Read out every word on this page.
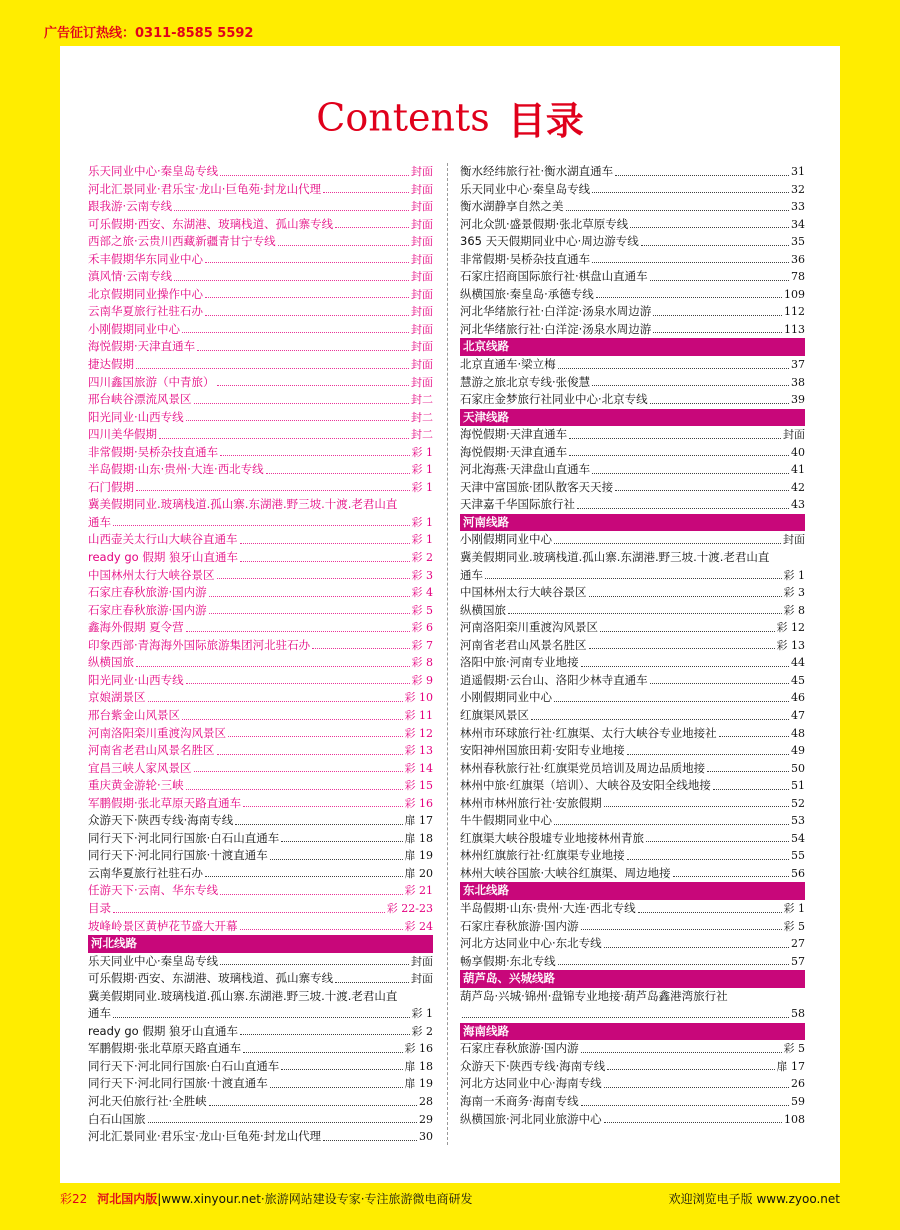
广告征订热线：0311-8585 5592
Contents 目录
乐天同业中心·秦皇岛专线	封面
河北汇景同业·君乐宝·龙山·巨龟苑·封龙山代理	封面
跟我游·云南专线	封面
可乐假期·西安、东湖港、玻璃栈道、孤山寨专线	封面
西部之旅·云贵川西藏新疆青甘宁专线	封面
禾丰假期华东同业中心	封面
滇风情·云南专线	封面
北京假期同业操作中心	封面
云南华夏旅行社驻石办	封面
小刚假期同业中心	封面
海悦假期·天津直通车	封面
捷达假期	封面
四川鑫国旅游（中青旅）	封面
邢台峡谷漂流风景区	封二
阳光同业·山西专线	封二
四川美华假期	封二
非常假期·吴桥杂技直通车	彩 1
半岛假期·山东·贵州·大连·西北专线	彩 1
石门假期	彩 1
冀美假期同业.玻璃栈道.孤山寨.东湖港.野三坡.十渡.老君山直
通车	彩 1
山西壶关太行山大峡谷直通车	彩 1
ready go 假期 狼牙山直通车	彩 2
中国林州太行大峡谷景区	彩 3
石家庄春秋旅游·国内游	彩 4
石家庄春秋旅游·国内游	彩 5
鑫海外假期 夏令营	彩 6
印象西部·青海海外国际旅游集团河北驻石办	彩 7
纵横国旅	彩 8
阳光同业·山西专线	彩 9
京娘湖景区	彩 10
邢台紫金山风景区	彩 11
河南洛阳栾川重渡沟风景区	彩 12
河南省老君山风景名胜区	彩 13
宜昌三峡人家风景区	彩 14
重庆黄金游轮·三峡	彩 15
军鹏假期·张北草原天路直通车	彩 16
众游天下·陕西专线·海南专线	扉 17
同行天下·河北同行国旅·白石山直通车	扉 18
同行天下·河北同行国旅·十渡直通车	扉 19
云南华夏旅行社驻石办	扉 20
任游天下·云南、华东专线	彩 21
目录	彩 22-23
坡峰岭景区黄栌花节盛大开幕	彩 24
河北线路
乐天同业中心·秦皇岛专线	封面
可乐假期·西安、东湖港、玻璃栈道、孤山寨专线	封面
冀美假期同业.玻璃栈道.孤山寨.东湖港.野三坡.十渡.老君山直
通车	彩 1
ready go 假期 狼牙山直通车	彩 2
军鹏假期·张北草原天路直通车	彩 16
同行天下·河北同行国旅·白石山直通车	扉 18
同行天下·河北同行国旅·十渡直通车	扉 19
河北天伯旅行社·全胜峡	28
白石山国旅	29
河北汇景同业·君乐宝·龙山·巨龟苑·封龙山代理	30
衡水经纬旅行社·衡水湖直通车	31
乐天同业中心·秦皇岛专线	32
衡水湖静享自然之美	33
河北众凯·盛景假期·张北草原专线	34
365 天天假期同业中心·周边游专线	35
非常假期·吴桥杂技直通车	36
石家庄招商国际旅行社·棋盘山直通车	78
纵横国旅·秦皇岛·承德专线	109
河北华绪旅行社·白洋淀·汤泉水周边游	112
河北华绪旅行社·白洋淀·汤泉水周边游	113
北京线路
北京直通车·梁立梅	37
慧游之旅北京专线·张俊慧	38
石家庄金梦旅行社同业中心·北京专线	39
天津线路
海悦假期·天津直通车	封面
海悦假期·天津直通车	40
河北海燕·天津盘山直通车	41
天津中富国旅·团队散客天天接	42
天津嘉千华国际旅行社	43
河南线路
小刚假期同业中心	封面
冀美假期同业.玻璃栈道.孤山寨.东湖港.野三坡.十渡.老君山直
通车	彩 1
中国林州太行大峡谷景区	彩 3
纵横国旅	彩 8
河南洛阳栾川重渡沟风景区	彩 12
河南省老君山风景名胜区	彩 13
洛阳中旅·河南专业地接	44
逍遥假期·云台山、洛阳少林寺直通车	45
小刚假期同业中心	46
红旗渠风景区	47
林州市环球旅行社·红旗渠、太行大峡谷专业地接社	48
安阳神州国旅田莉·安阳专业地接	49
林州春秋旅行社·红旗渠党员培训及周边品质地接	50
林州中旅·红旗渠（培训）、大峡谷及安阳全线地接	51
林州市林州旅行社·安旅假期	52
牛牛假期同业中心	53
红旗渠大峡谷殷墟专业地接林州青旅	54
林州红旗旅行社·红旗渠专业地接	55
林州大峡谷国旅·大峡谷红旗渠、周边地接	56
东北线路
半岛假期·山东·贵州·大连·西北专线	彩 1
石家庄春秋旅游·国内游	彩 5
河北方达同业中心·东北专线	27
畅享假期·东北专线	57
葫芦岛、兴城线路
葫芦岛·兴城·锦州·盘锦专业地接·葫芦岛鑫港湾旅行社
58
海南线路
石家庄春秋旅游·国内游	彩 5
众游天下·陕西专线·海南专线	扉 17
河北方达同业中心·海南专线	26
海南一禾商务·海南专线	59
纵横国旅·河北同业旅游中心	108
彩22 河北国内版|www.xinyour.net·旅游网站建设专家·专注旅游微电商研发	欢迎浏览电子版 www.zyoo.net
